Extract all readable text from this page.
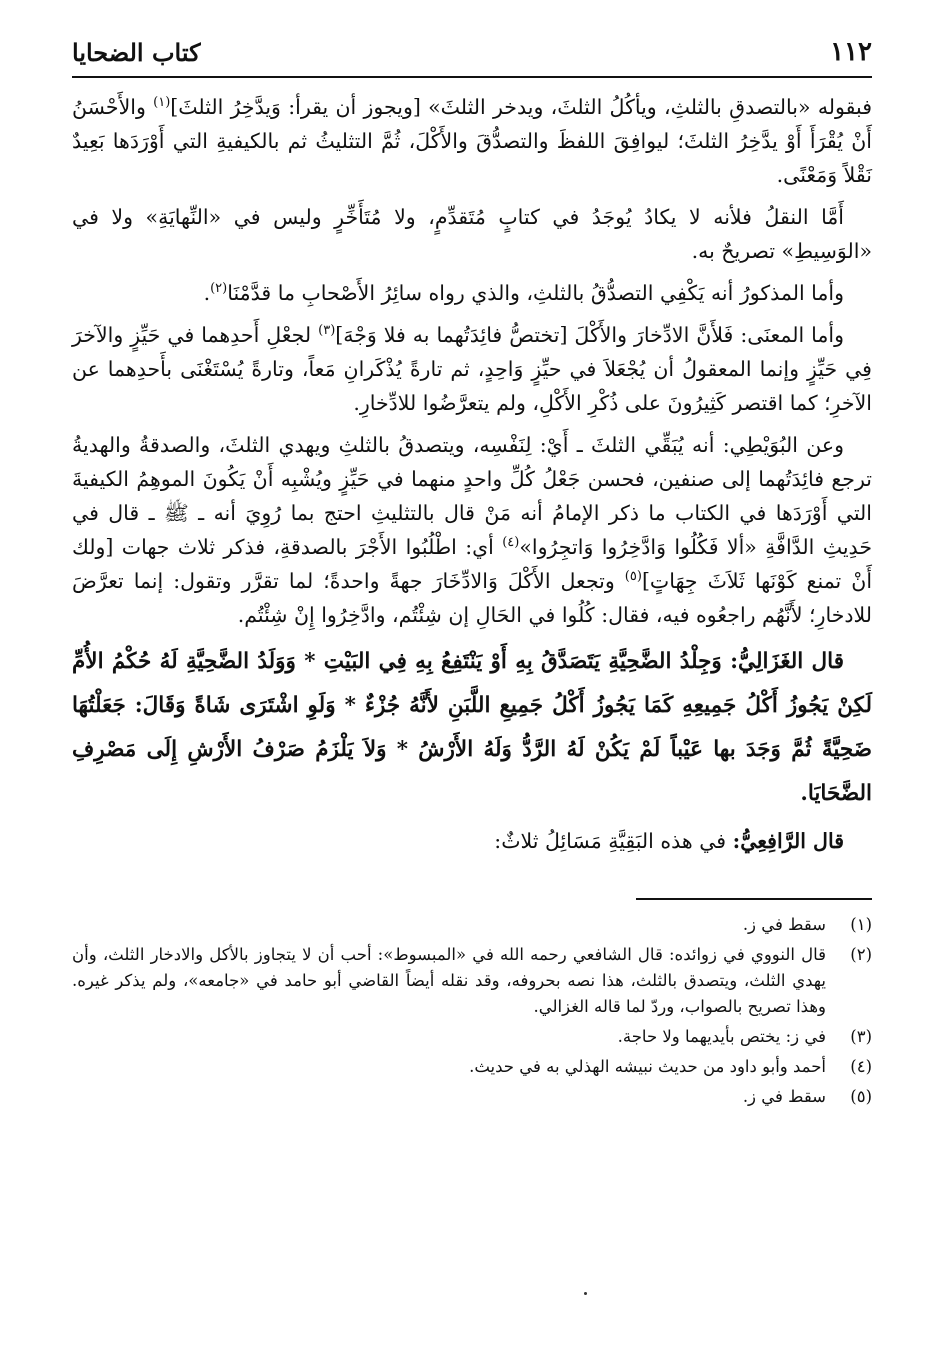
١١٢
كتاب الضحايا

فبقوله «بالتصدقِ بالثلثِ، ويأكُلُ الثلثَ، ويدخر الثلثَ» [ويجوز أن يقرأ: وَيدَّخِرُ الثلثَ]$^{(١)}$ والأَحْسَنُ أَنْ يُقْرَأَ أَوْ يدَّخِرُ الثلثَ؛ ليوافِقَ اللفظَ والتصدُّقَ والأَكْلَ، ثُمَّ التثليثُ ثم بالكيفيةِ التي أَوْرَدَها بَعِيدٌ نَقْلاً وَمَعْنًى.

أَمَّا النقلُ فلأنه لا يكادُ يُوجَدُ في كتابٍ مُتَقدِّمٍ، ولا مُتَأَخِّرٍ وليس في «النِّهايَةِ» ولا في «الوَسِيطِ» تصريحٌ به.

وأما المذكورُ أنه يَكْفِي التصدُّقُ بالثلثِ، والذي رواه سائِرُ الأَصْحابِ ما قدَّمْنَا$^{(٢)}$.

وأما المعنَى: فَلأَنَّ الادِّخارَ والأَكْلَ [تختصُّ فائِدَتُهما به فلا وَجْهَ]$^{(٣)}$ لجعْلِ أَحدِهما في حَيِّزٍ والآخرَ فِي حَيِّزٍ وإنما المعقولُ أن يُجْعَلاَ في حيِّزٍ وَاحِدٍ، ثم تارةً يُذْكَرانِ مَعاً، وتارةً يُسْتَغْنَى بأَحدِهما عن الآخرِ؛ كما اقتصر كَثِيرُونَ على ذُكْرِ الأَكْلِ، ولم يتعرَّضُوا للادِّخارِ.

وعن البُوَيْطِي: أنه يُبَقِّي الثلثَ ـ أَيْ: لِنَفْسِه، ويتصدقُ بالثلثِ ويهدي الثلثَ، والصدقةُ والهديةُ ترجع فائِدَتُهما إلى صنفين، فحسن جَعْلُ كُلِّ واحدٍ منهما في حَيِّزٍ ويُشْبِه أَنْ يَكُونَ الموهِمُ الكيفيةَ التي أَوْرَدَها في الكتاب ما ذكر الإمامُ أنه مَنْ قال بالتثليثِ احتج بما رُوِيَ أنه ـ ﷺ ـ قال في حَدِيثِ الدَّافَّةِ «ألا فَكُلُوا وَادَّخِرُوا وَاتجِرُوا»$^{(٤)}$ أي: اطْلُبُوا الأَجْرَ بالصدقةِ، فذكر ثلاث جهات [ولك أَنْ تمنع كَوْنَها ثَلاَثَ جِهَاتٍ]$^{(٥)}$ وتجعل الأَكْلَ وَالادِّخَارَ جهةً واحدةً؛ لما تقرَّر وتقول: إنما تعرَّضَ للادخارِ؛ لأَنَّهُم راجعُوه فيه، فقال: كُلُوا في الحَالِ إن شِئْتُم، وادَّخِرُوا إِنْ شِئْتُم.

قال الغَزَالِيُّ: وَجِلْدُ الضَّحِيَّةِ يَتَصَدَّقُ بِهِ أَوْ يَنْتَفِعُ بِهِ فِي البَيْتِ * وَوَلَدُ الضَّحِيَّةِ لَهُ حُكْمُ الأُمِّ لَكِنْ يَجُوزُ أَكْلُ جَمِيعِهِ كَمَا يَجُوزُ أَكْلُ جَمِيعِ اللَّبَنِ لأَنَّهُ جُزْءٌ * وَلَوِ اشْتَرَى شَاةً وَقَالَ: جَعَلْتُهَا ضَحِيَّةً ثُمَّ وَجَدَ بها عَيْباً لَمْ يَكُنْ لَهُ الرَّدُّ وَلَهُ الأَرْشُ * وَلاَ يَلْزَمُ صَرْفُ الأَرْشِ إِلَى مَصْرِفِ الضَّحَايَا.

قال الرَّافِعِيُّ: في هذه البَقِيَّةِ مَسَائِلُ ثلاثٌ:

(١)
سقط في ز.
(٢)
قال النووي في زوائده: قال الشافعي رحمه الله في «المبسوط»: أحب أن لا يتجاوز بالأكل والادخار الثلث، وأن يهدي الثلث، ويتصدق بالثلث، هذا نصه بحروفه، وقد نقله أيضاً القاضي أبو حامد في «جامعه»، ولم يذكر غيره. وهذا تصريح بالصواب، وردّ لما قاله الغزالي.
(٣)
في ز: يختص بأيديهما ولا حاجة.
(٤)
أحمد وأبو داود من حديث نبيشه الهذلي به في حديث.
(٥)
سقط في ز.
